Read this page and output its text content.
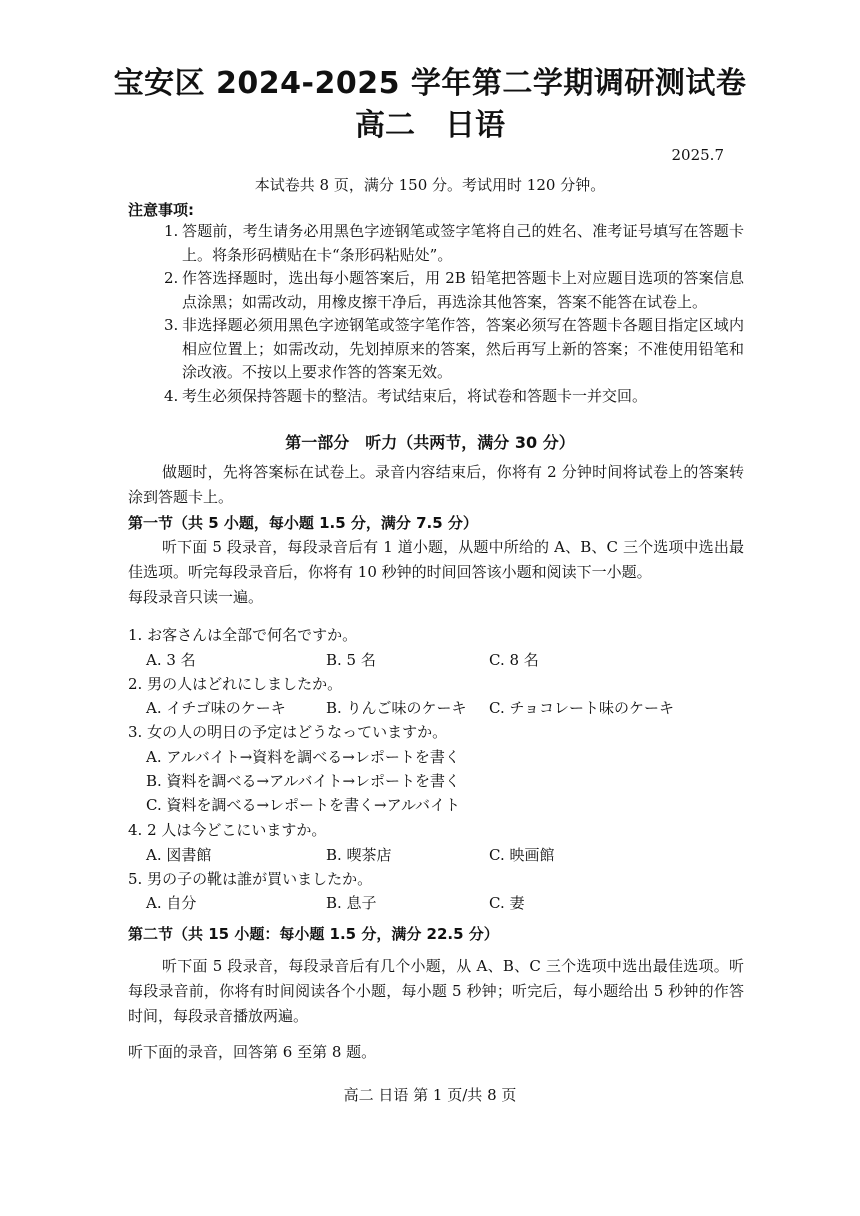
宝安区 2024-2025 学年第二学期调研测试卷
高二　日语
2025.7
本试卷共 8 页，满分 150 分。考试用时 120 分钟。
注意事项:
1. 答题前，考生请务必用黑色字迹钢笔或签字笔将自己的姓名、准考证号填写在答题卡上。将条形码横贴在卡“条形码粘贴处”。
2. 作答选择题时，选出每小题答案后，用 2B 铅笔把答题卡上对应题目选项的答案信息点涂黑；如需改动，用橡皮擦干净后，再选涂其他答案，答案不能答在试卷上。
3. 非选择题必须用黑色字迹钢笔或签字笔作答，答案必须写在答题卡各题目指定区域内相应位置上；如需改动，先划掉原来的答案，然后再写上新的答案；不准使用铅笔和涂改液。不按以上要求作答的答案无效。
4. 考生必须保持答题卡的整洁。考试结束后，将试卷和答题卡一并交回。
第一部分　听力（共两节，满分 30 分）
做题时，先将答案标在试卷上。录音内容结束后，你将有 2 分钟时间将试卷上的答案转涂到答题卡上。
第一节（共 5 小题，每小题 1.5 分，满分 7.5 分）
听下面 5 段录音，每段录音后有 1 道小题，从题中所给的 A、B、C 三个选项中选出最佳选项。听完每段录音后，你将有 10 秒钟的时间回答该小题和阅读下一小题。
每段录音只读一遍。
1. お客さんは全部で何名ですか。
A. 3 名	B. 5 名	C. 8 名
2. 男の人はどれにしましたか。
A. イチゴ味のケーキ	B. りんご味のケーキ C. チョコレート味のケーキ
3. 女の人の明日の予定はどうなっていますか。
A. アルバイト→資料を調べる→レポートを書く
B. 資料を調べる→アルバイト→レポートを書く
C. 資料を調べる→レポートを書く→アルバイト
4. 2 人は今どこにいますか。
A. 図書館	B. 喫茶店	C. 映画館
5. 男の子の靴は誰が買いましたか。
A. 自分	B. 息子	C. 妻
第二节（共 15 小题：每小题 1.5 分，满分 22.5 分）
听下面 5 段录音，每段录音后有几个小题，从 A、B、C 三个选项中选出最佳选项。听每段录音前，你将有时间阅读各个小题，每小题 5 秒钟；听完后，每小题给出 5 秒钟的作答时间，每段录音播放两遍。
听下面的录音，回答第 6 至第 8 题。
高二 日语 第 1 页/共 8 页
